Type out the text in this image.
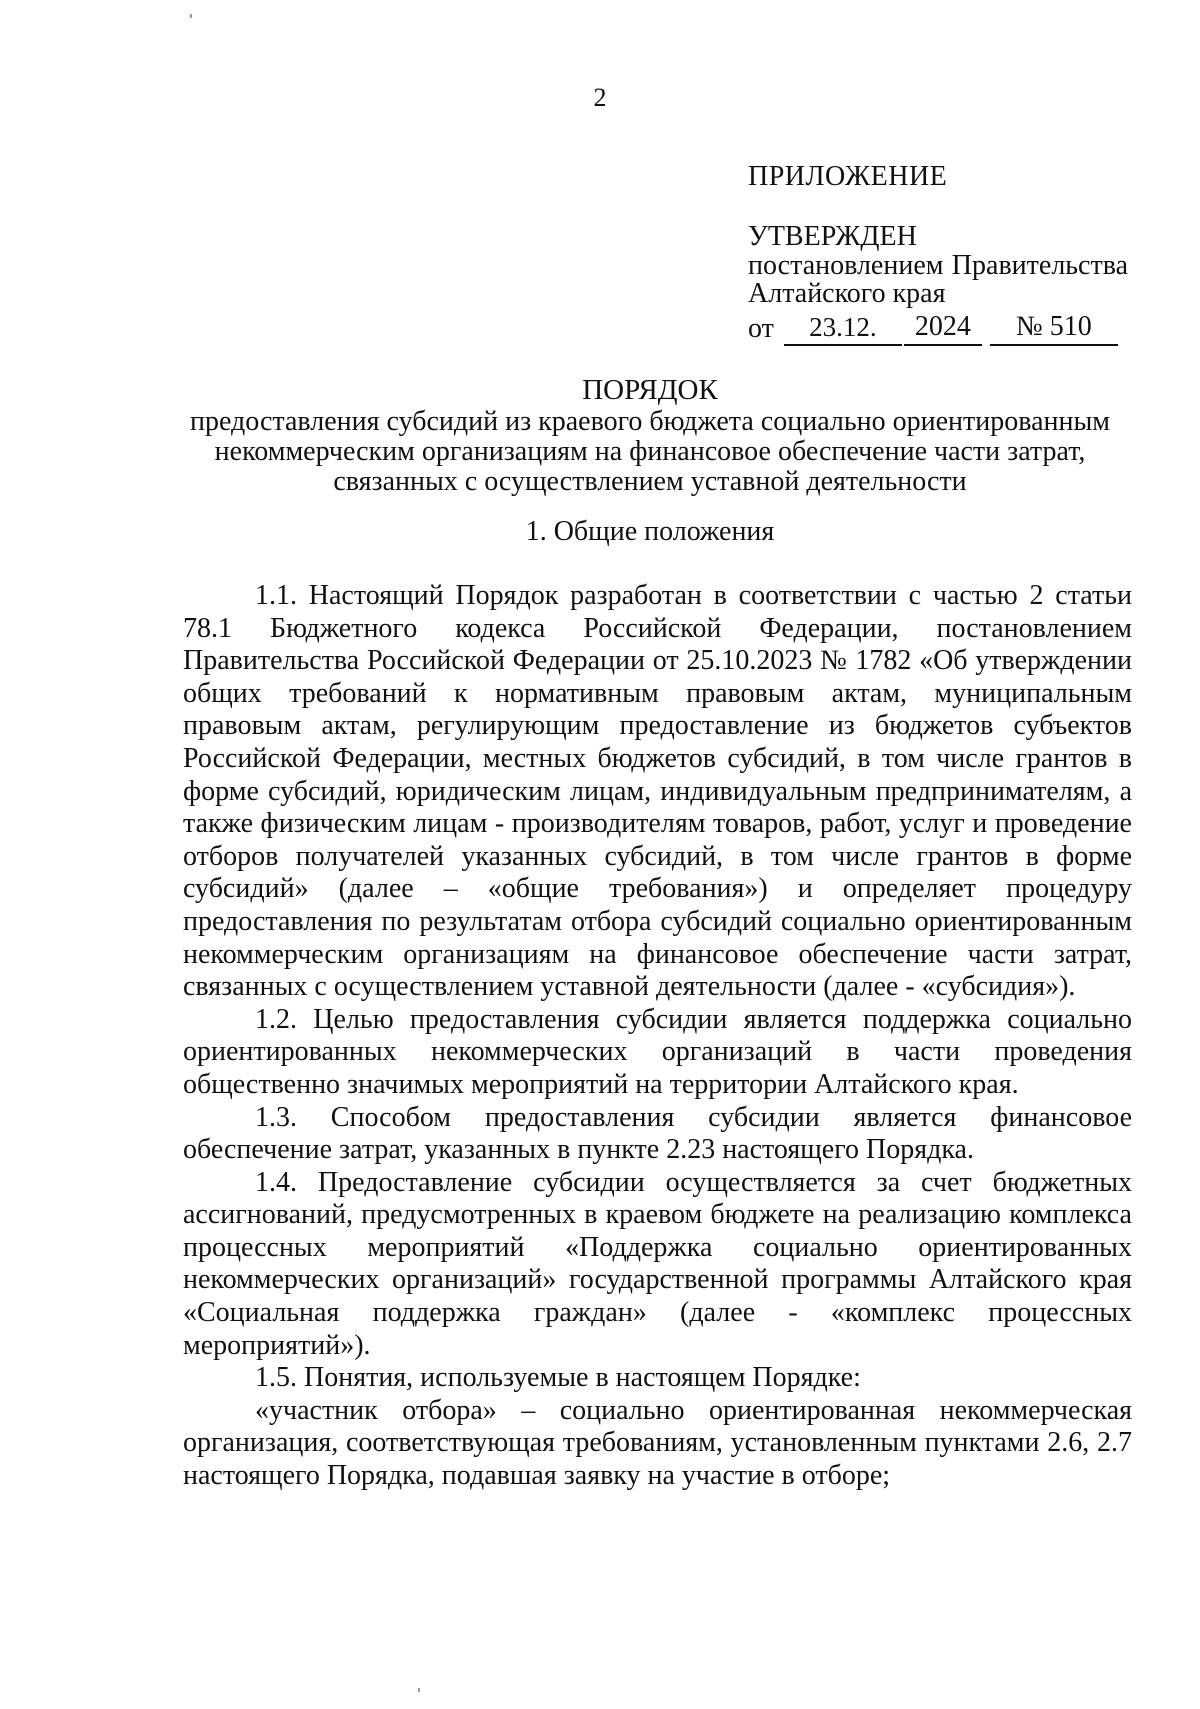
2
ПРИЛОЖЕНИЕ
УТВЕРЖДЕН
постановлением Правительства
Алтайского края
от	23.12.	2024	№ 510
ПОРЯДОК
предоставления субсидий из краевого бюджета социально ориентированным
некоммерческим организациям на финансовое обеспечение части затрат,
связанных с осуществлением уставной деятельности
1. Общие положения

1.1. Настоящий Порядок разработан в соответствии с частью 2 статьи 78.1 Бюджетного кодекса Российской Федерации, постановлением Правительства Российской Федерации от 25.10.2023 № 1782 «Об утверждении общих требований к нормативным правовым актам, муниципальным правовым актам, регулирующим предоставление из бюджетов субъектов Российской Федерации, местных бюджетов субсидий, в том числе грантов в форме субсидий, юридическим лицам, индивидуальным предпринимателям, а также физическим лицам - производителям товаров, работ, услуг и проведение отборов получателей указанных субсидий, в том числе грантов в форме субсидий» (далее – «общие требования») и определяет процедуру предоставления по результатам отбора субсидий социально ориентированным некоммерческим организациям на финансовое обеспечение части затрат, связанных с осуществлением уставной деятельности (далее - «субсидия»).

1.2. Целью предоставления субсидии является поддержка социально ориентированных некоммерческих организаций в части проведения общественно значимых мероприятий на территории Алтайского края.

1.3. Способом предоставления субсидии является финансовое обеспечение затрат, указанных в пункте 2.23 настоящего Порядка.

1.4. Предоставление субсидии осуществляется за счет бюджетных ассигнований, предусмотренных в краевом бюджете на реализацию комплекса процессных мероприятий «Поддержка социально ориентированных некоммерческих организаций» государственной программы Алтайского края «Социальная поддержка граждан» (далее - «комплекс процессных мероприятий»).

1.5. Понятия, используемые в настоящем Порядке:

«участник отбора» – социально ориентированная некоммерческая организация, соответствующая требованиям, установленным пунктами 2.6, 2.7 настоящего Порядка, подавшая заявку на участие в отборе;
